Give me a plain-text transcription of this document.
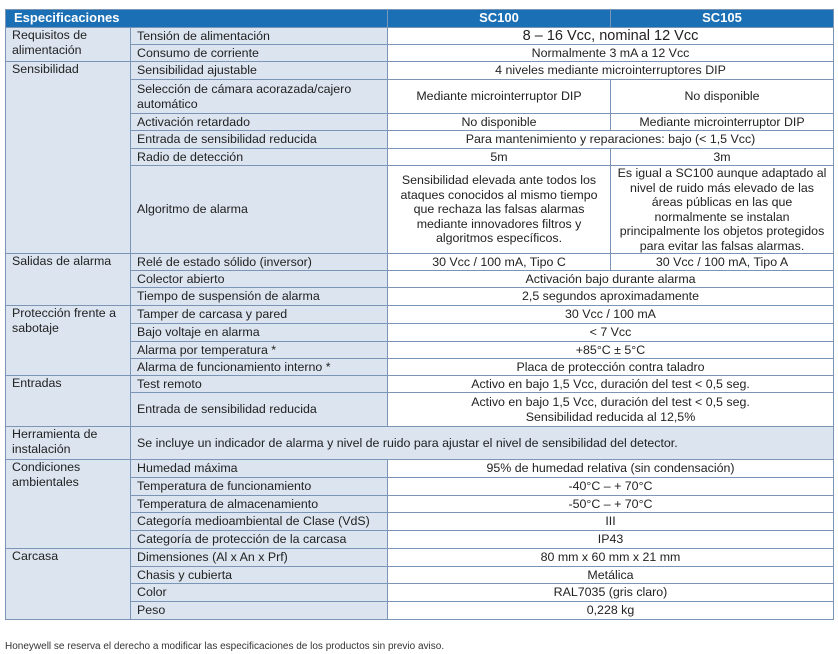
Especificaciones		SC100	SC105
Requisitos de alimentación	Tensión de alimentación	8 – 16 Vcc, nominal 12 Vcc	
	Consumo de corriente	Normalmente 3 mA a 12 Vcc	
Sensibilidad	Sensibilidad ajustable	4 niveles mediante microinterruptores DIP	
	Selección de cámara acorazada/cajero automático	Mediante microinterruptor DIP	No disponible
	Activación retardado	No disponible	Mediante microinterruptor DIP
	Entrada de sensibilidad reducida	Para mantenimiento y reparaciones: bajo (< 1,5 Vcc)	
	Radio de detección	5m	3m
	Algoritmo de alarma	Sensibilidad elevada ante todos los ataques conocidos al mismo tiempo que rechaza las falsas alarmas mediante innovadores filtros y algoritmos específicos.	Es igual a SC100 aunque adaptado al nivel de ruido más elevado de las áreas públicas en las que normalmente se instalan principalmente los objetos protegidos para evitar las falsas alarmas.
Salidas de alarma	Relé de estado sólido (inversor)	30 Vcc / 100 mA, Tipo C	30 Vcc / 100 mA, Tipo A
	Colector abierto	Activación bajo durante alarma	
	Tiempo de suspensión de alarma	2,5 segundos aproximadamente	
Protección frente a sabotaje	Tamper de carcasa y pared	30 Vcc / 100 mA	
	Bajo voltaje en alarma	< 7 Vcc	
	Alarma por temperatura *	+85°C ± 5°C	
	Alarma de funcionamiento interno *	Placa de protección contra taladro	
Entradas	Test remoto	Activo en bajo 1,5 Vcc, duración del test < 0,5 seg.	
	Entrada de sensibilidad reducida	Activo en bajo 1,5 Vcc, duración del test < 0,5 seg.
Sensibilidad reducida al 12,5%	

Herramienta de instalación	Se incluye un indicador de alarma y nivel de ruido para ajustar el nivel de sensibilidad del detector.		
Condiciones ambientales	Humedad máxima	95% de humedad relativa (sin condensación)	
	Temperatura de funcionamiento	-40°C – + 70°C	
	Temperatura de almacenamiento	-50°C – + 70°C	
	Categoría medioambiental de Clase (VdS)	III	
	Categoría de protección de la carcasa	IP43	
Carcasa	Dimensiones (Al x An x Prf)	80 mm x 60 mm x 21 mm	
	Chasis y cubierta	Metálica	
	Color	RAL7035 (gris claro)	
	Peso	0,228 kg	
Honeywell se reserva el derecho a modificar las especificaciones de los productos sin previo aviso.
